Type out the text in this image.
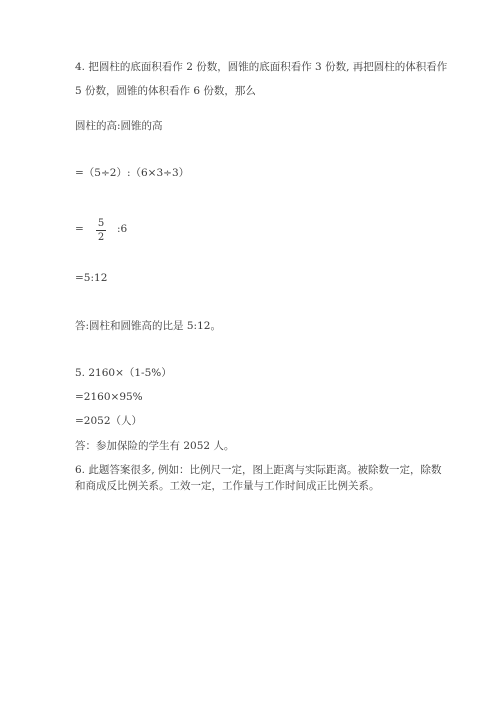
4. 把圆柱的底面积看作 2 份数，圆锥的底面积看作 3 份数, 再把圆柱的体积看作
5 份数，圆锥的体积看作 6 份数，那么
圆柱的高:圆锥的高
=（5÷2）:（6×3÷3）
= 5
2
:6
=5:12
答:圆柱和圆锥高的比是 5:12。
5. 2160×（1-5%）
=2160×95%
=2052（人）
答：参加保险的学生有 2052 人。
6. 此题答案很多, 例如：比例尺一定，图上距离与实际距离。被除数一定，除数
和商成反比例关系。工效一定，工作量与工作时间成正比例关系。
